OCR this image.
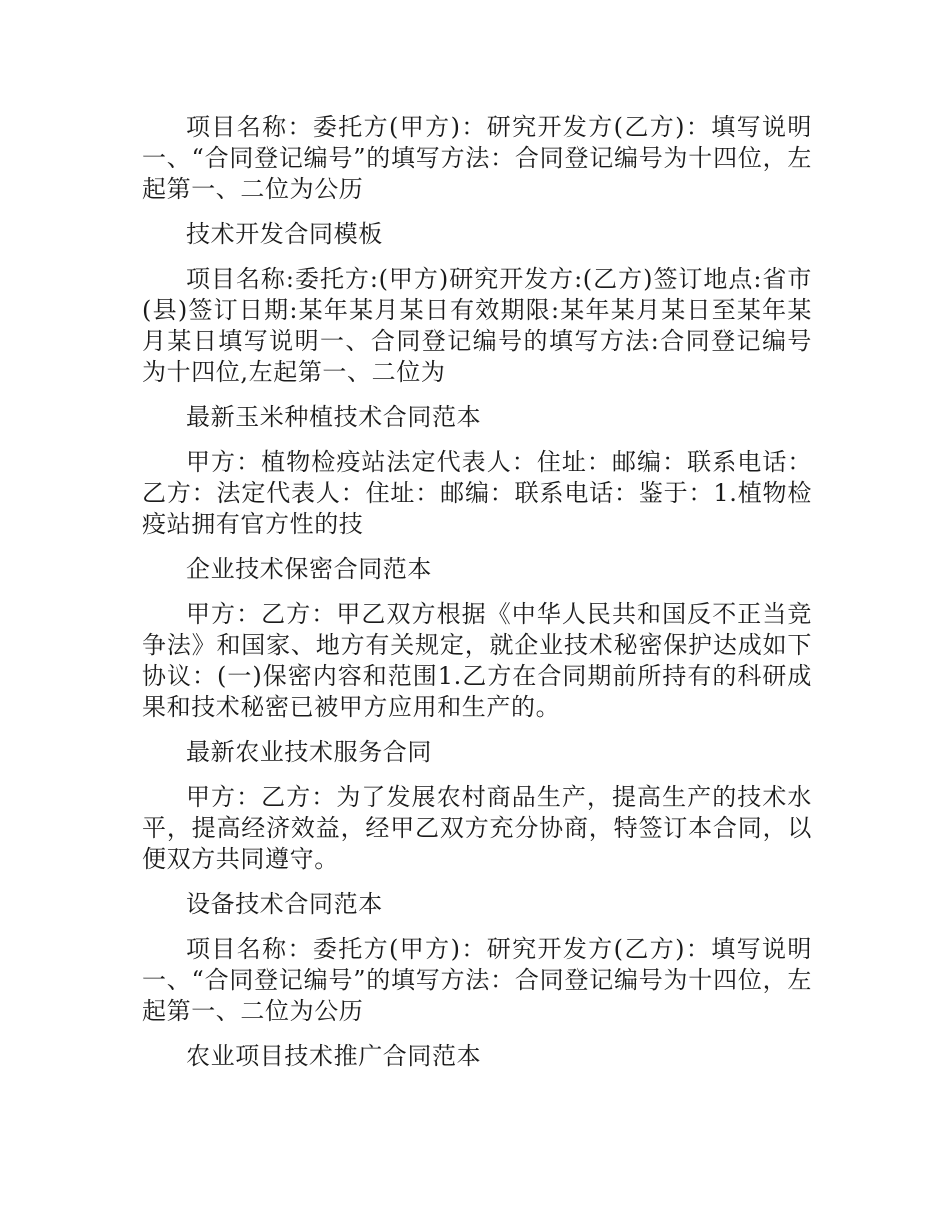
项目名称：委托方(甲方)：研究开发方(乙方)：填写说明一、“合同登记编号”的填写方法：合同登记编号为十四位，左起第一、二位为公历

技术开发合同模板

项目名称:委托方:(甲方)研究开发方:(乙方)签订地点:省市(县)签订日期:某年某月某日有效期限:某年某月某日至某年某月某日填写说明一、合同登记编号的填写方法:合同登记编号为十四位,左起第一、二位为

最新玉米种植技术合同范本

甲方：植物检疫站法定代表人：住址：邮编：联系电话：乙方：法定代表人：住址：邮编：联系电话：鉴于：1.植物检疫站拥有官方性的技

企业技术保密合同范本

甲方：乙方：甲乙双方根据《中华人民共和国反不正当竞争法》和国家、地方有关规定，就企业技术秘密保护达成如下协议：(一)保密内容和范围1.乙方在合同期前所持有的科研成果和技术秘密已被甲方应用和生产的。

最新农业技术服务合同

甲方：乙方：为了发展农村商品生产，提高生产的技术水平，提高经济效益，经甲乙双方充分协商，特签订本合同，以便双方共同遵守。

设备技术合同范本

项目名称：委托方(甲方)：研究开发方(乙方)：填写说明一、“合同登记编号”的填写方法：合同登记编号为十四位，左起第一、二位为公历

农业项目技术推广合同范本
